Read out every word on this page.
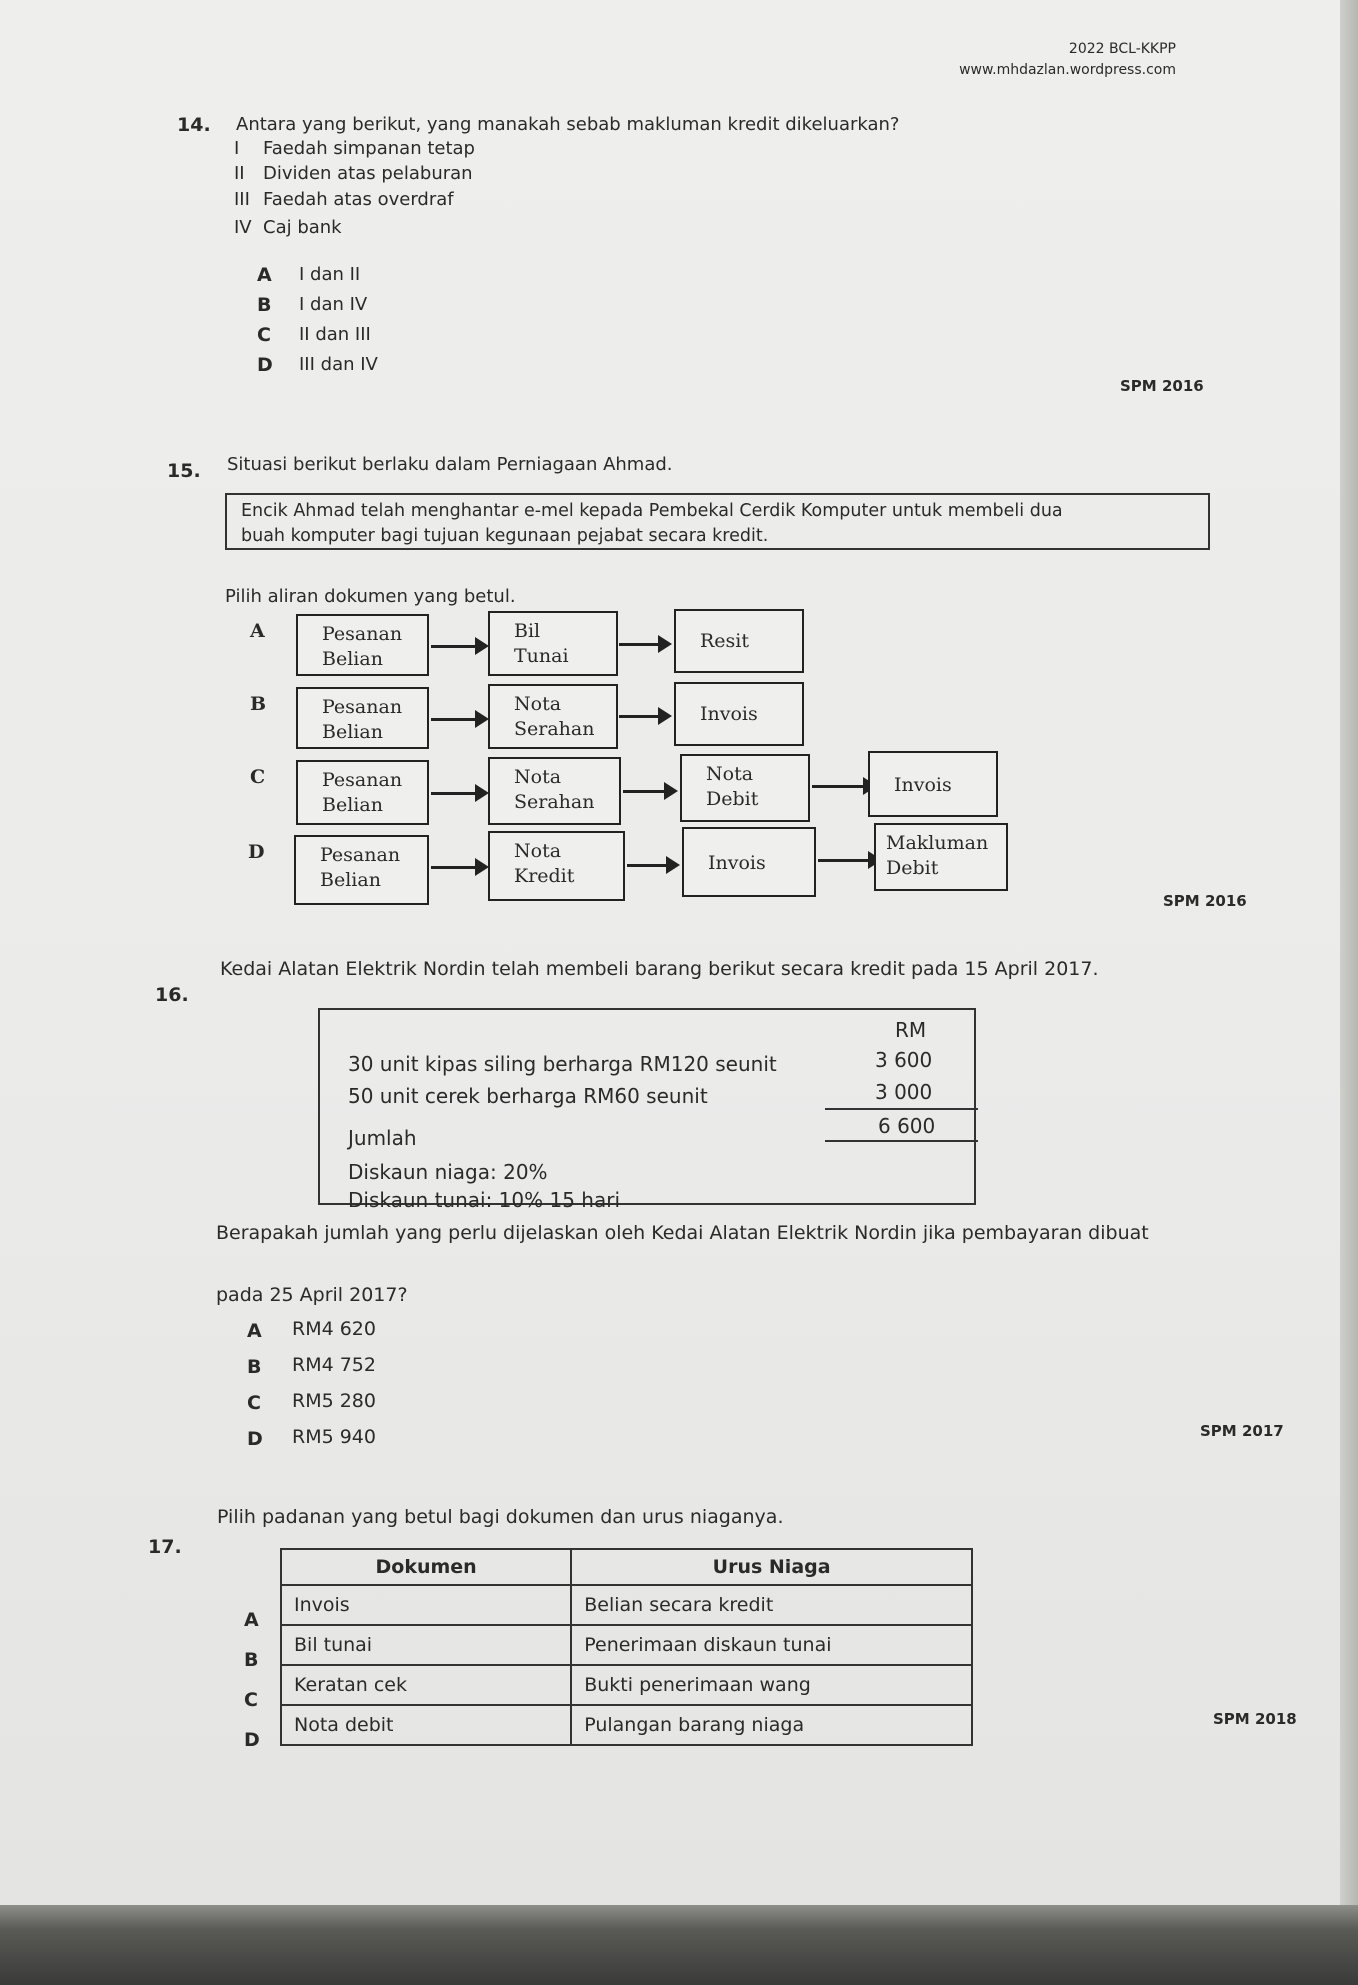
2022 BCL-KKPP
www.mhdazlan.wordpress.com
14. Antara yang berikut, yang manakah sebab makluman kredit dikeluarkan?
I Faedah simpanan tetap
II Dividen atas pelaburan
III Faedah atas overdraf
IV Caj bank
A I dan II
B I dan IV
C II dan III
D III dan IV
SPM 2016
15. Situasi berikut berlaku dalam Perniagaan Ahmad.
Encik Ahmad telah menghantar e-mel kepada Pembekal Cerdik Komputer untuk membeli dua
buah komputer bagi tujuan kegunaan pejabat secara kredit.
Pilih aliran dokumen yang betul.
A	Pesanan
Belian
Bil
Tunai
Resit
B	Pesanan
Belian
Nota
Serahan
Invois
C	Pesanan
Belian
Nota
Serahan
Nota
Debit
Invois
D	Pesanan
Belian
Nota
Kredit
Invois
Makluman
Debit
SPM 2016
16.
Kedai Alatan Elektrik Nordin telah membeli barang berikut secara kredit pada 15 April 2017.
RM
30 unit kipas siling berharga RM120 seunit	3 600
50 unit cerek berharga RM60 seunit	3 000
Jumlah	6 600
Diskaun niaga: 20%
Diskaun tunai: 10% 15 hari
Berapakah jumlah yang perlu dijelaskan oleh Kedai Alatan Elektrik Nordin jika pembayaran dibuat
pada 25 April 2017?
A RM4 620
B RM4 752
C RM5 280
D RM5 940	SPM 2017
17.
Pilih padanan yang betul bagi dokumen dan urus niaganya.
A
B
C
D
Dokumen	Urus Niaga
Invois	Belian secara kredit
Bil tunai	Penerimaan diskaun tunai
Keratan cek	Bukti penerimaan wang
Nota debit	Pulangan barang niaga	SPM 2018
